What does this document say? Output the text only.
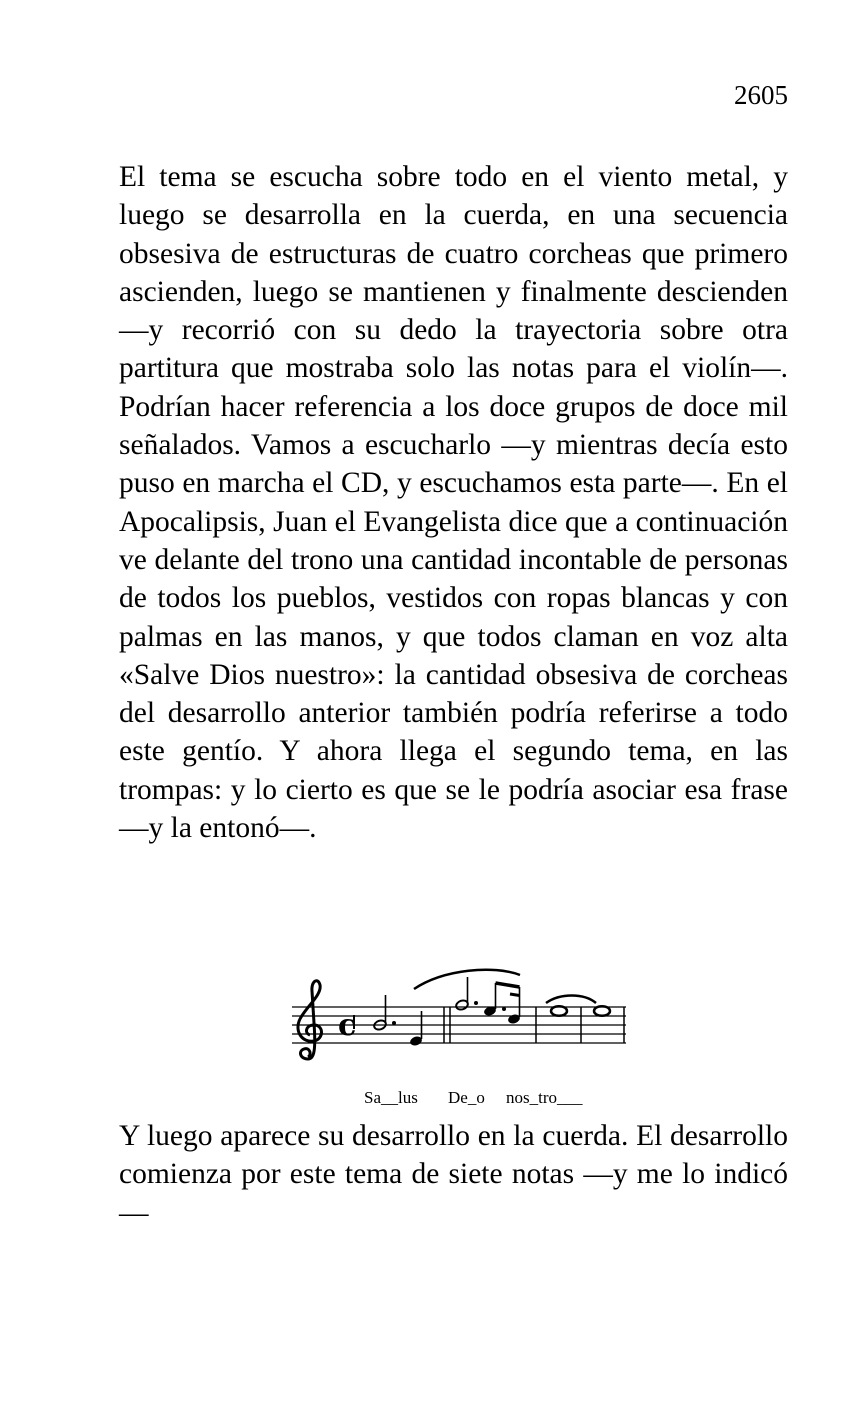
2605

El tema se escucha sobre todo en el viento metal, y luego se desarrolla en la cuerda, en una secuencia obsesiva de estructuras de cuatro corcheas que primero ascienden, luego se mantienen y finalmente descienden —y recorrió con su dedo la trayectoria sobre otra partitura que mostraba solo las notas para el violín—. Podrían hacer referencia a los doce grupos de doce mil señalados. Vamos a escucharlo —y mientras decía esto puso en marcha el CD, y escuchamos esta parte—. En el Apocalipsis, Juan el Evangelista dice que a continuación ve delante del trono una cantidad incontable de personas de todos los pueblos, vestidos con ropas blancas y con palmas en las manos, y que todos claman en voz alta «Salve Dios nuestro»: la cantidad obsesiva de corcheas del desarrollo anterior también podría referirse a todo este gentío. Y ahora llega el segundo tema, en las trompas: y lo cierto es que se le podría asociar esa frase —y la entonó—.

c
Sa__lus De_o nos_tro___

Y luego aparece su desarrollo en la cuerda. El desarrollo comienza por este tema de siete notas —y me lo indicó—
